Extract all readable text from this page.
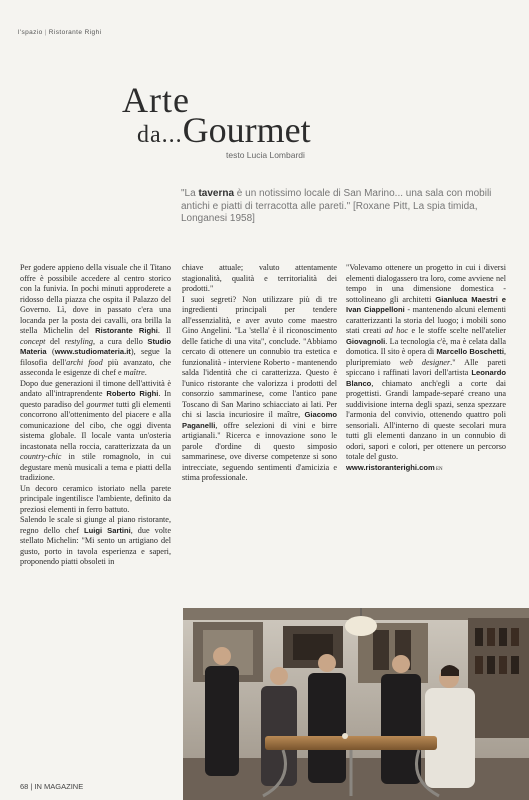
l'spazio | Ristorante Righi
Arte
da...Gourmet
testo Lucia Lombardi
"La taverna è un notissimo locale di San Marino... una sala con mobili antichi e piatti di terracotta alle pareti." [Roxane Pitt, La spia timida, Longanesi 1958]

Per godere appieno della visuale che il Titano offre è possibile accedere al centro storico con la funivia. In pochi minuti approderete a ridosso della piazza che ospita il Palazzo del Governo. Lì, dove in passato c'era una locanda per la posta dei cavalli, ora brilla la stella Michelin del Ristorante Righi. Il concept del restyling, a cura dello Studio Materia (www.studiomateria.it), segue la filosofia dell'archi food più avanzato, che asseconda le esigenze di chef e maître.

Dopo due generazioni il timone dell'attività è andato all'intraprendente Roberto Righi. In questo paradiso del gourmet tutti gli elementi concorrono all'ottenimento del piacere e alla comunicazione del cibo, che oggi diventa sistema globale. Il locale vanta un'osteria incastonata nella roccia, caratterizzata da un country-chic in stile romagnolo, in cui degustare menù musicali a tema e piatti della tradizione.

Un decoro ceramico istoriato nella parete principale ingentilisce l'ambiente, definito da preziosi elementi in ferro battuto.

Salendo le scale si giunge al piano ristorante, regno dello chef Luigi Sartini, due volte stellato Michelin: "Mi sento un artigiano del gusto, porto in tavola esperienza e saperi, proponendo piatti obsoleti in

chiave attuale; valuto attentamente stagionalità, qualità e territorialità dei prodotti."

I suoi segreti? Non utilizzare più di tre ingredienti principali per tendere all'essenzialità, e aver avuto come maestro Gino Angelini. "La 'stella' è il riconoscimento delle fatiche di una vita", conclude. "Abbiamo cercato di ottenere un connubio tra estetica e funzionalità - interviene Roberto - mantenendo salda l'identità che ci caratterizza. Questo è l'unico ristorante che valorizza i prodotti del consorzio sammarinese, come l'antico pane Toscano di San Marino schiacciato ai lati. Per chi si lascia incuriosire il maître, Giacomo Paganelli, offre selezioni di vini e birre artigianali." Ricerca e innovazione sono le parole d'ordine di questo simposio sammarinese, ove diverse competenze si sono intrecciate, seguendo sentimenti d'amicizia e stima professionale.

"Volevamo ottenere un progetto in cui i diversi elementi dialogassero tra loro, come avviene nel tempo in una dimensione domestica - sottolineano gli architetti Gianluca Maestri e Ivan Ciappelloni - mantenendo alcuni elementi caratterizzanti la storia del luogo; i mobili sono stati creati ad hoc e le stoffe scelte nell'atelier Giovagnoli. La tecnologia c'è, ma è celata dalla domotica. Il sito è opera di Marcello Boschetti, pluripremiato web designer." Alle pareti spiccano i raffinati lavori dell'artista Leonardo Blanco, chiamato anch'egli a corte dai progettisti. Grandi lampade-separé creano una suddivisione interna degli spazi, senza spezzare l'armonia del convivio, ottenendo quattro poli sensoriali. All'interno di queste secolari mura tutti gli elementi danzano in un connubio di odori, sapori e colori, per ottenere un percorso totale del gusto.

www.ristoranterighi.com EN

68 | IN MAGAZINE
